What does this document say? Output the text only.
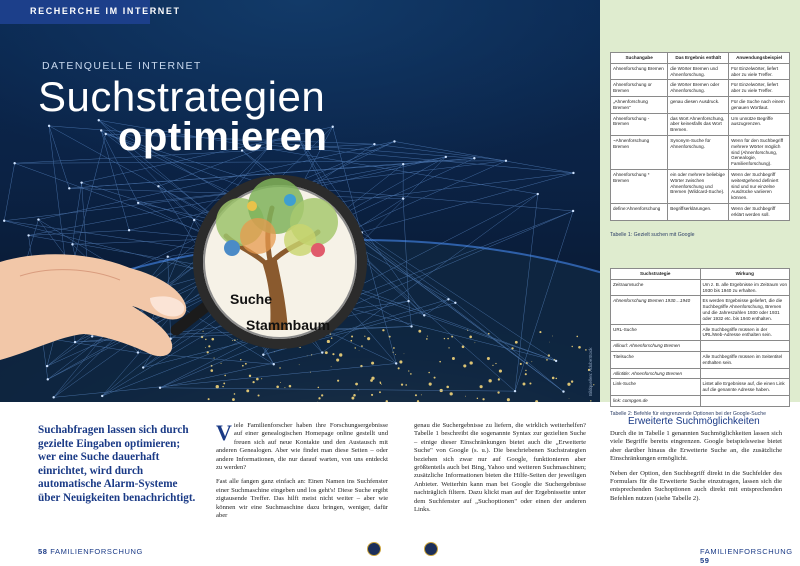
Suche
Stammbaum
RECHERCHE IM INTERNET
DATENQUELLE INTERNET
Suchstrategien
optimieren
Bildquellen: AdobeStock
Suchangabe	Das Ergebnis enthält	Anwendungsbeispiel
Ahnenforschung Bremen	die Wörter Bremen und Ahnenforschung.	Für Einzelwörter, liefert aber zu viele Treffer.
Ahnenforschung or Bremen	die Wörter Bremen oder Ahnenforschung.	Für Einzelwörter, liefert aber zu viele Treffer.
„Ahnenforschung Bremen"	genau diesen Ausdruck.	Für die Suche nach einem genauen Wortlaut.
Ahnenforschung -Bremen	das Wort Ahnenforschung, aber keinesfalls das Wort Bremen.	Um unnütze Begriffe auszugrenzen.
~Ahnenforschung Bremen	Synonym-Suche für Ahnenforschung.	Wenn für den Suchbegriff mehrere Wörter möglich sind (Ahnenforschung, Genealogie, Familienforschung).
Ahnenforschung * Bremen	ein oder mehrere beliebige Wörter zwischen Ahnenforschung und Bremen (Wildcard-Suche).	Wenn der Suchbegriff weitestgehend definiert sind und nur einzelne Ausdrücke variieren können.
define:Ahnenforschung	Begriffserklärungen.	Wenn der Suchbegriff erklärt werden soll.
Tabelle 1: Gezielt suchen mit Google
Suchstrategie	Wirkung
Zeitraumsuche	Um z. B. alle Ergebnisse im Zeitraum von 1930 bis 1940 zu erhalten.
Ahnenforschung Bremen 1930…1940	Es werden Ergebnisse geliefert, die die Suchbegriffe Ahnenforschung, Bremen und die Jahreszahlen 1930 oder 1931 oder 1932 etc. bis 1940 enthalten.
URL-Suche	Alle Suchbegriffe müssen in der URL/Web-Adresse enthalten sein.
Allinurl: Ahnenforschung Bremen	
Titelsuche	Alle Suchbegriffe müssen im Seitentitel enthalten sein.
Allintitle: Ahnenforschung Bremen	
Link-Suche	Listet alle Ergebnisse auf, die einen Link auf die genannte Adresse haben.
link: compgen.de	
Tabelle 2: Befehle für eingrenzende Optionen bei der Google-Suche
Suchabfragen lassen sich durch gezielte Eingaben optimieren; wer eine Suche dauerhaft einrichtet, wird durch automatische Alarm-Systeme über Neuigkeiten benachrichtigt.

Viele Familienforscher haben ihre Forschungsergebnisse auf einer genealogischen Homepage online gestellt und freuen sich auf neue Kontakte und den Austausch mit anderen Genealogen. Aber wie findet man diese Seiten – oder andere Informationen, die nur darauf warten, von uns entdeckt zu werden?

Fast alle fangen ganz einfach an: Einen Namen ins Suchfenster einer Suchmaschine eingeben und los geht's! Diese Suche ergibt zigtausende Treffer. Das hilft meist nicht weiter – aber wie können wir eine Suchmaschine dazu bringen, weniger, dafür aber

genau die Suchergebnisse zu liefern, die wirklich weiterhelfen? Tabelle 1 beschreibt die sogenannte Syntax zur gezielten Suche – einige dieser Einschränkungen bietet auch die „Erweiterte Suche" von Google (s. u.). Die beschriebenen Suchstrategien beziehen sich zwar nur auf Google, funktionieren aber größtenteils auch bei Bing, Yahoo und weiteren Suchmaschinen; zusätzliche Informationen bieten die Hilfe-Seiten der jeweiligen Anbieter. Weiterhin kann man bei Google die Suchergebnisse nachträglich filtern. Dazu klickt man auf der Ergebnisseite unter dem Suchfenster auf „Suchoptionen" oder einen der anderen Links.

Erweiterte Suchmöglichkeiten

Durch die in Tabelle 1 genannten Suchmöglichkeiten lassen sich viele Begriffe bereits eingrenzen. Google beispielsweise bietet aber darüber hinaus die Erweiterte Suche an, die zusätzliche Einschränkungen ermöglicht.

Neben der Option, den Suchbegriff direkt in die Suchfelder des Formulars für die Erweiterte Suche einzutragen, lassen sich die entsprechenden Suchoptionen auch direkt mit entsprechenden Befehlen nutzen (siehe Tabelle 2).

58 FAMILIENFORSCHUNG	FAMILIENFORSCHUNG 59
